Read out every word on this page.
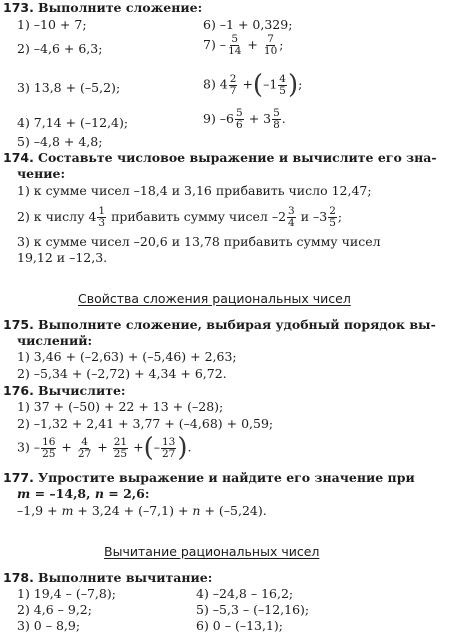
173. Выполните сложение:
1) –10 + 7;	6) –1 + 0,329;
2) –4,6 + 6,3;	$7) - \frac{5}{14} + \frac{7}{10}$ ;
3) 13,8 + (–5,2);	8) $4 \frac{2}{7} +(-1 \frac{4}{5}$ );
4) 7,14 + (–12,4);	9) $-6 \frac{5}{6} + 3 \frac{5}{8}$ .
5) –4,8 + 4,8;
174. Составьте числовое выражение и вычислите его зна-
чение:
1) к сумме чисел –18,4 и 3,16 прибавить число 12,47;
2) к числу $4 \frac{1}{3}$ прибавить сумму чисел $-2 \frac{3}{4}$ и $-3 \frac{2}{5}$ ;
3) к сумме чисел –20,6 и 13,78 прибавить сумму чисел
19,12 и –12,3.
Свойства сложения рациональных чисел
175. Выполните сложение, выбирая удобный порядок вы-
числений:
1) 3,46 + (–2,63) + (–5,46) + 2,63;
2) –5,34 + (–2,72) + 4,34 + 6,72.
176. Вычислите:
1) 37 + (–50) + 22 + 13 + (–28);
2) –1,32 + 2,41 + 3,77 + (–4,68) + 0,59;
$3) - \frac{16}{25} + \frac{4}{27} + \frac{21}{25}$ +(– $\frac{13}{27}$ ).
177. Упростите выражение и найдите его значение при
m = –14,8, n = 2,6:
–1,9 + m + 3,24 + (–7,1) + n + (–5,24).
Вычитание рациональных чисел
178. Выполните вычитание:
1) 19,4 – (–7,8);	4) –24,8 – 16,2;
2) 4,6 – 9,2;	5) –5,3 – (–12,16);
3) 0 – 8,9;	6) 0 – (–13,1);
